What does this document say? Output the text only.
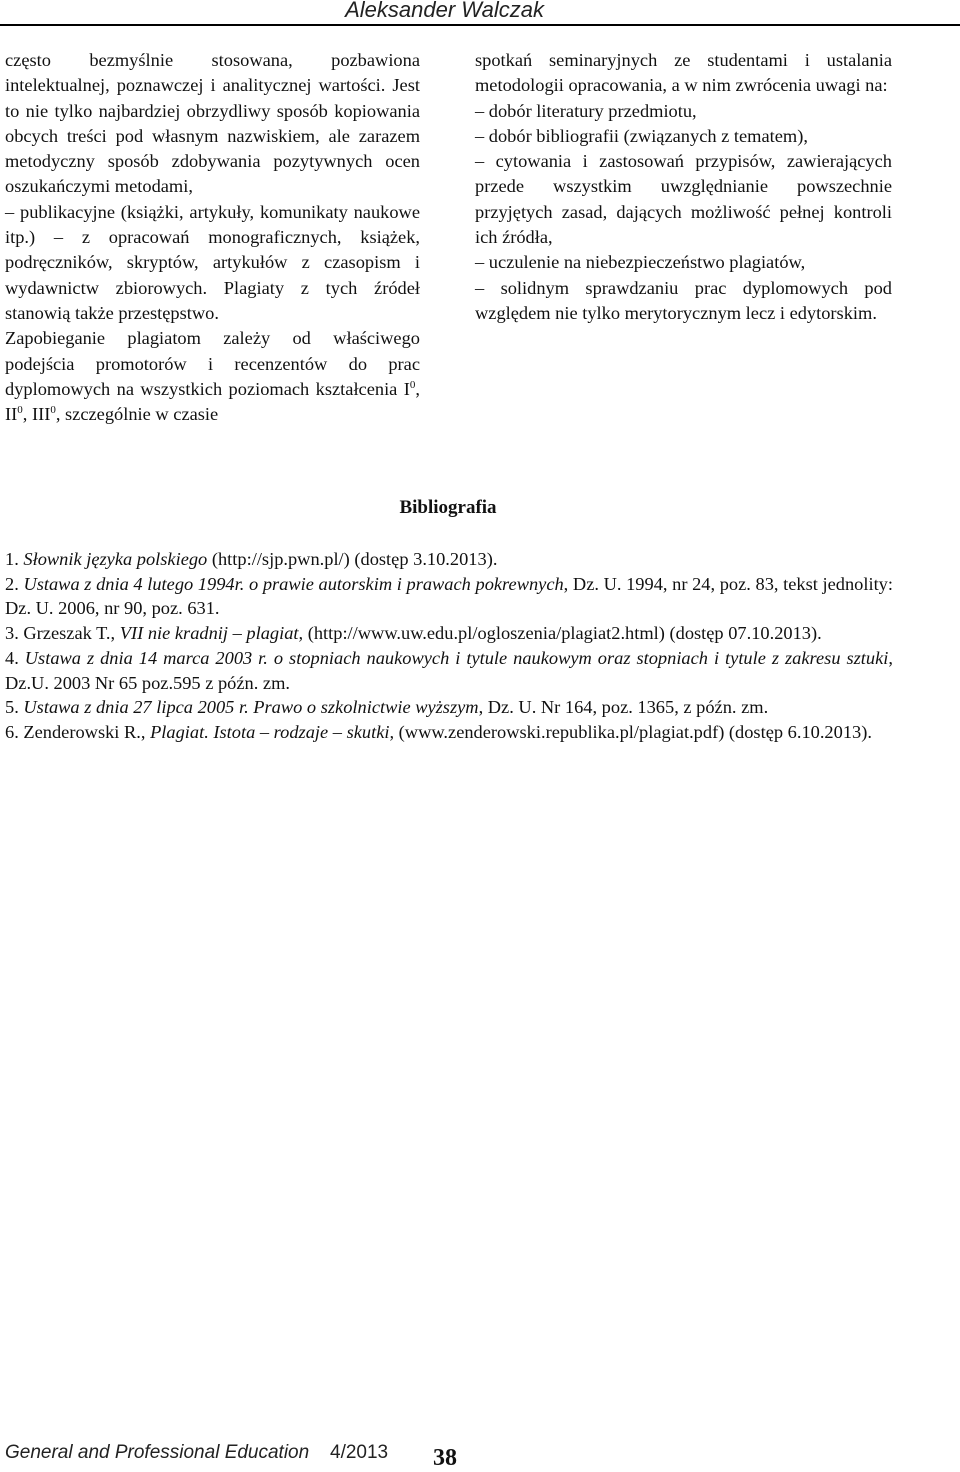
Aleksander Walczak

często bezmyślnie stosowana, pozbawiona intelektualnej, poznawczej i analitycznej wartości. Jest to nie tylko najbardziej obrzydliwy sposób kopiowania obcych treści pod własnym nazwiskiem, ale zarazem metodyczny sposób zdobywania pozytywnych ocen oszukańczymi metodami,

– publikacyjne (książki, artykuły, komunikaty naukowe itp.) – z opracowań monograficznych, książek, podręczników, skryptów, artykułów z czasopism i wydawnictw zbiorowych. Plagiaty z tych źródeł stanowią także przestępstwo.

Zapobieganie plagiatom zależy od właściwego podejścia promotorów i recenzentów do prac dyplomowych na wszystkich poziomach kształcenia $I^0$, $II^0$, III$^0$, szczególnie w czasie

spotkań seminaryjnych ze studentami i ustalania metodologii opracowania, a w nim zwrócenia uwagi na:

– dobór literatury przedmiotu,

– dobór bibliografii (związanych z tematem),

– cytowania i zastosowań przypisów, zawierających przede wszystkim uwzględnianie powszechnie przyjętych zasad, dających możliwość pełnej kontroli ich źródła,

– uczulenie na niebezpieczeństwo plagiatów,

– solidnym sprawdzaniu prac dyplomowych pod względem nie tylko merytorycznym lecz i edytorskim.

Bibliografia

1. Słownik języka polskiego (http://sjp.pwn.pl/) (dostęp 3.10.2013).

2. Ustawa z dnia 4 lutego 1994r. o prawie autorskim i prawach pokrewnych, Dz. U. 1994, nr 24, poz. 83, tekst jednolity: Dz. U. 2006, nr 90, poz. 631.

3. Grzeszak T., VII nie kradnij – plagiat, (http://www.uw.edu.pl/ogloszenia/plagiat2.html) (dostęp 07.10.2013).

4. Ustawa z dnia 14 marca 2003 r. o stopniach naukowych i tytule naukowym oraz stopniach i tytule z zakresu sztuki, Dz.U. 2003 Nr 65 poz.595 z późn. zm.

5. Ustawa z dnia 27 lipca 2005 r. Prawo o szkolnictwie wyższym, Dz. U. Nr 164, poz. 1365, z późn. zm.

6. Zenderowski R., Plagiat. Istota – rodzaje – skutki, (www.zenderowski.republika.pl/plagiat.pdf) (dostęp 6.10.2013).

General and Professional Education 4/2013 38
